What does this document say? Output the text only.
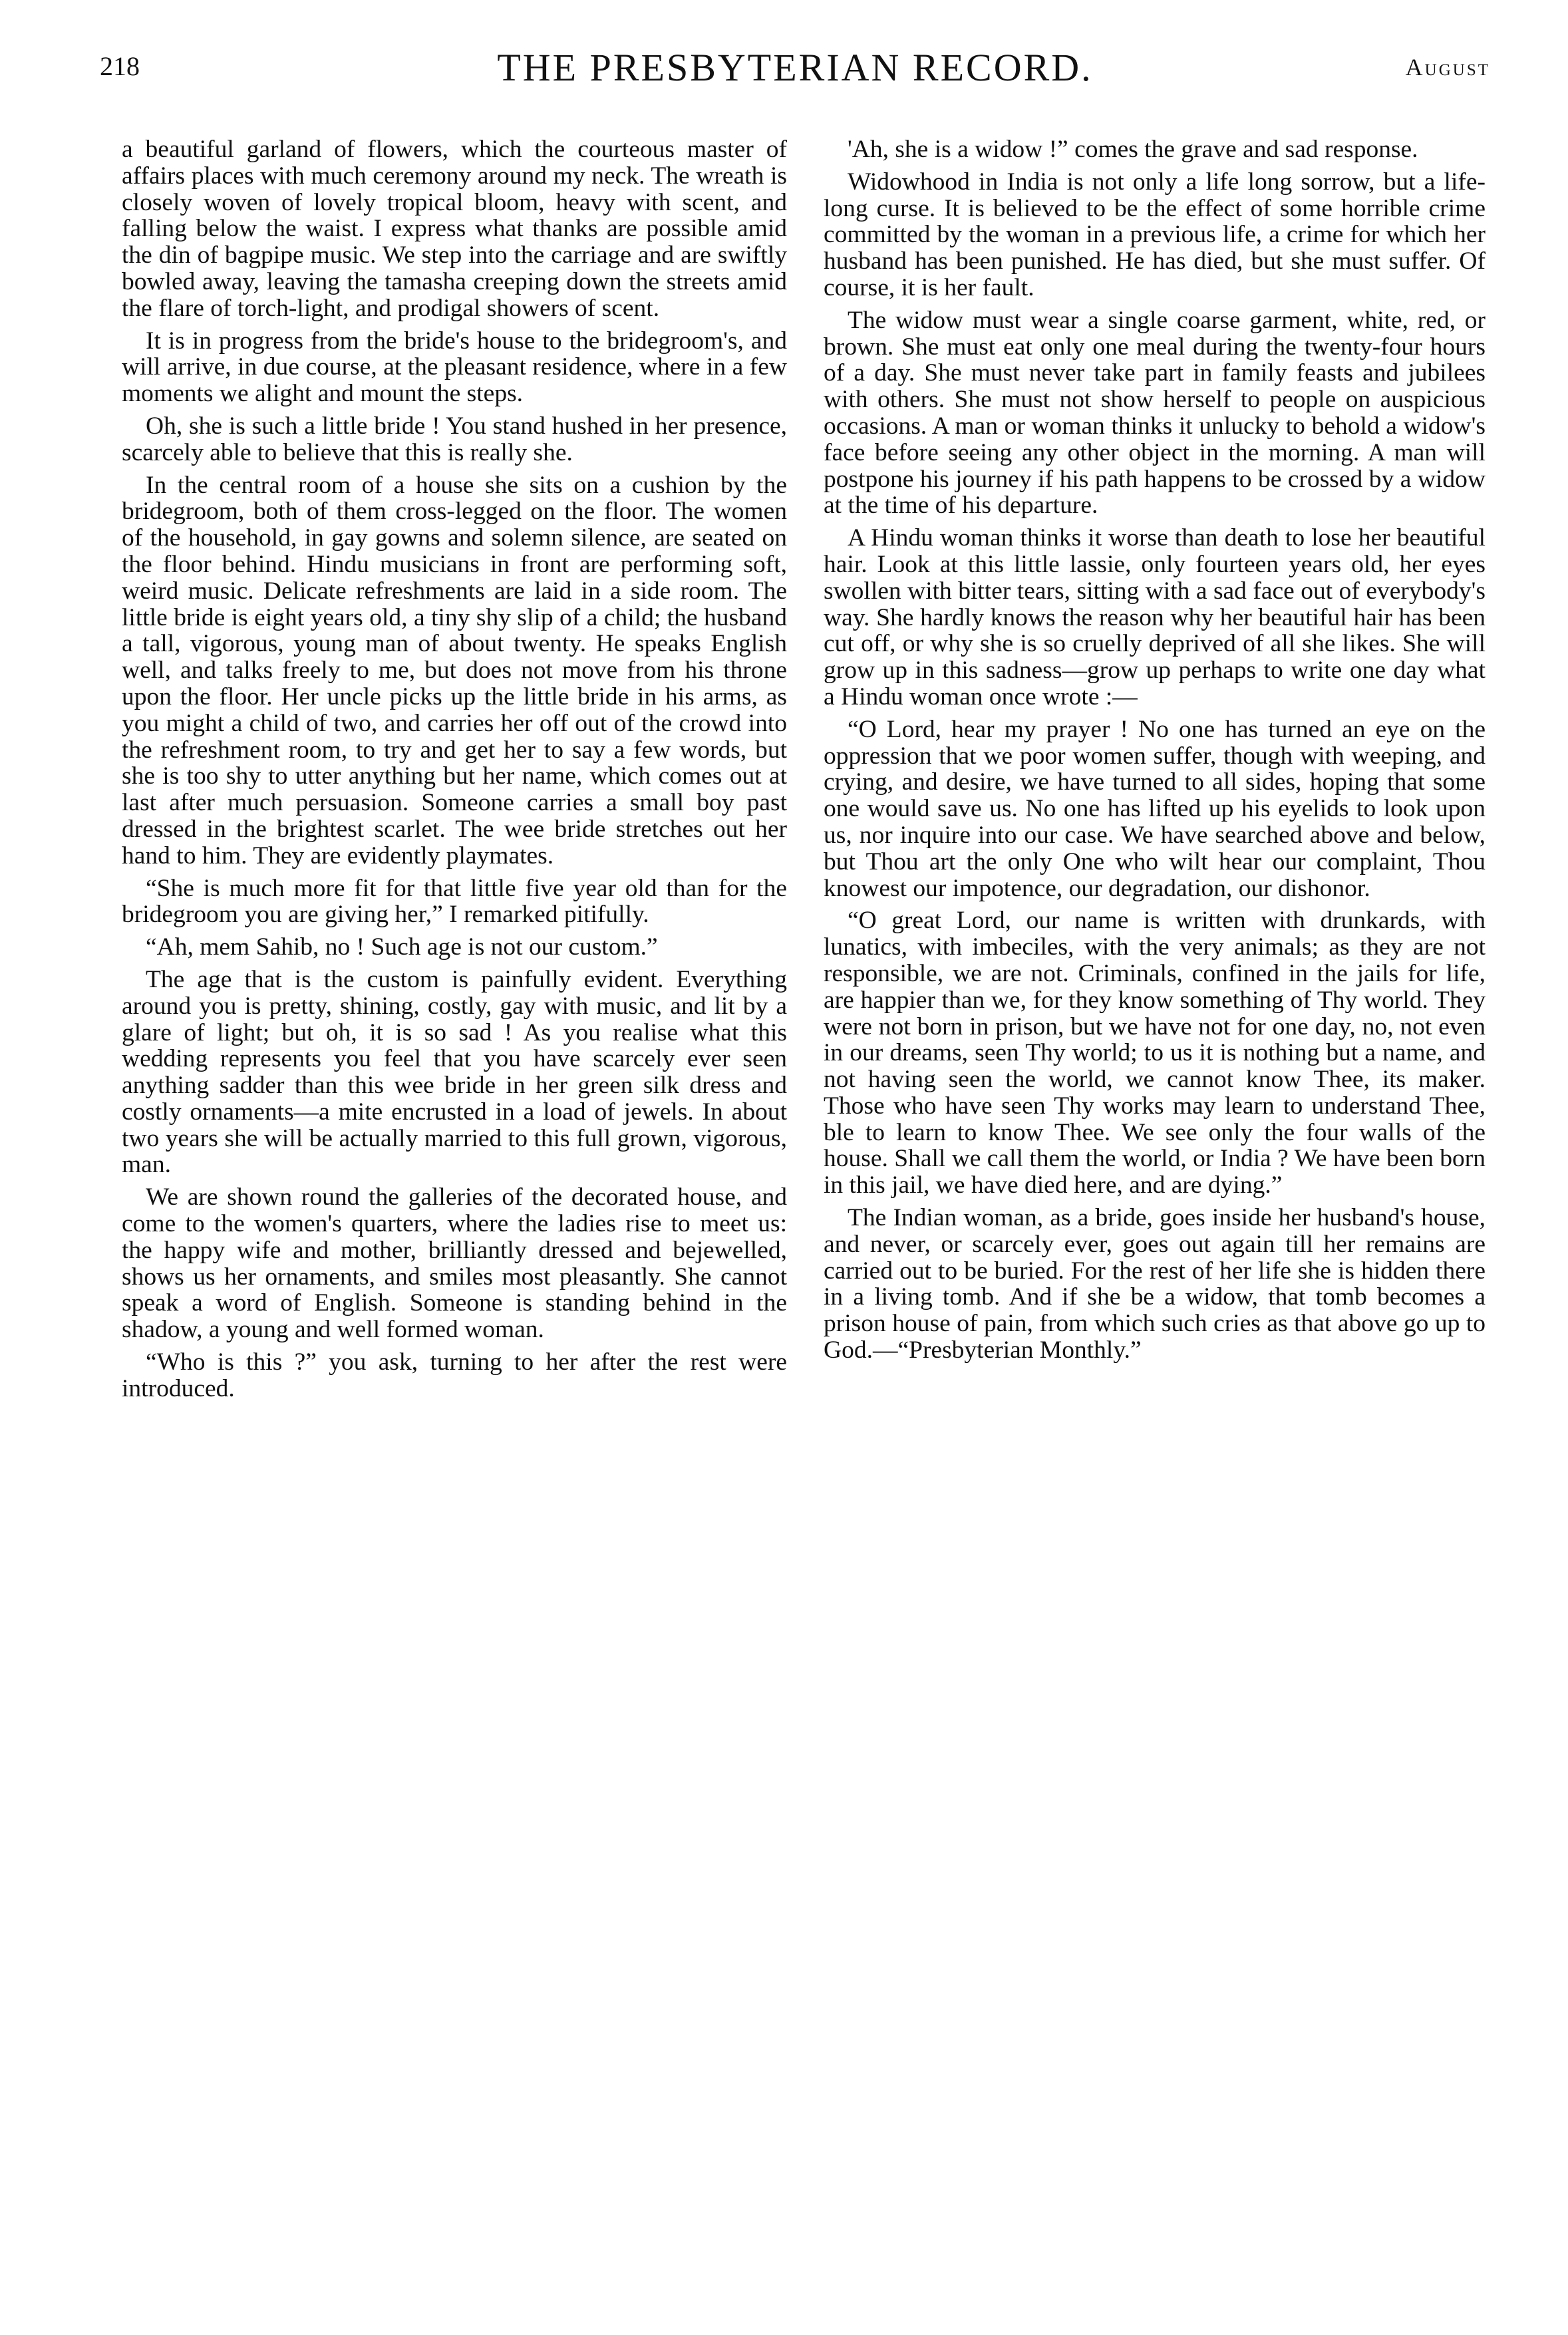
218	THE PRESBYTERIAN RECORD.	August

a beautiful garland of flowers, which the courteous master of affairs places with much ceremony around my neck. The wreath is closely woven of lovely tropical bloom, heavy with scent, and falling below the waist. I express what thanks are possible amid the din of bagpipe music. We step into the carriage and are swiftly bowled away, leaving the tamasha creeping down the streets amid the flare of torch-light, and prodigal showers of scent.

It is in progress from the bride's house to the bridegroom's, and will arrive, in due course, at the pleasant residence, where in a few moments we alight and mount the steps.

Oh, she is such a little bride ! You stand hushed in her presence, scarcely able to believe that this is really she.

In the central room of a house she sits on a cushion by the bridegroom, both of them cross-legged on the floor. The women of the household, in gay gowns and solemn silence, are seated on the floor behind. Hindu musicians in front are performing soft, weird music. Delicate refreshments are laid in a side room. The little bride is eight years old, a tiny shy slip of a child; the husband a tall, vigorous, young man of about twenty. He speaks English well, and talks freely to me, but does not move from his throne upon the floor. Her uncle picks up the little bride in his arms, as you might a child of two, and carries her off out of the crowd into the refreshment room, to try and get her to say a few words, but she is too shy to utter anything but her name, which comes out at last after much persuasion. Someone carries a small boy past dressed in the brightest scarlet. The wee bride stretches out her hand to him. They are evidently playmates.

“She is much more fit for that little five year old than for the bridegroom you are giving her,” I remarked pitifully.

“Ah, mem Sahib, no ! Such age is not our custom.”

The age that is the custom is painfully evident. Everything around you is pretty, shining, costly, gay with music, and lit by a glare of light; but oh, it is so sad ! As you realise what this wedding represents you feel that you have scarcely ever seen anything sadder than this wee bride in her green silk dress and costly ornaments—a mite encrusted in a load of jewels. In about two years she will be actually married to this full grown, vigorous, man.

We are shown round the galleries of the decorated house, and come to the women's quarters, where the ladies rise to meet us: the happy wife and mother, brilliantly dressed and bejewelled, shows us her ornaments, and smiles most pleasantly. She cannot speak a word of English. Someone is standing behind in the shadow, a young and well formed woman.

“Who is this ?” you ask, turning to her after the rest were introduced.

'Ah, she is a widow !” comes the grave and sad response.

Widowhood in India is not only a life long sorrow, but a life-long curse. It is believed to be the effect of some horrible crime committed by the woman in a previous life, a crime for which her husband has been punished. He has died, but she must suffer. Of course, it is her fault.

The widow must wear a single coarse garment, white, red, or brown. She must eat only one meal during the twenty-four hours of a day. She must never take part in family feasts and jubilees with others. She must not show herself to people on auspicious occasions. A man or woman thinks it unlucky to behold a widow's face before seeing any other object in the morning. A man will postpone his journey if his path happens to be crossed by a widow at the time of his departure.

A Hindu woman thinks it worse than death to lose her beautiful hair. Look at this little lassie, only fourteen years old, her eyes swollen with bitter tears, sitting with a sad face out of everybody's way. She hardly knows the reason why her beautiful hair has been cut off, or why she is so cruelly deprived of all she likes. She will grow up in this sadness—grow up perhaps to write one day what a Hindu woman once wrote :—

“O Lord, hear my prayer ! No one has turned an eye on the oppression that we poor women suffer, though with weeping, and crying, and desire, we have turned to all sides, hoping that some one would save us. No one has lifted up his eyelids to look upon us, nor inquire into our case. We have searched above and below, but Thou art the only One who wilt hear our complaint, Thou knowest our impotence, our degradation, our dishonor.

“O great Lord, our name is written with drunkards, with lunatics, with imbeciles, with the very animals; as they are not responsible, we are not. Criminals, confined in the jails for life, are happier than we, for they know something of Thy world. They were not born in prison, but we have not for one day, no, not even in our dreams, seen Thy world; to us it is nothing but a name, and not having seen the world, we cannot know Thee, its maker. Those who have seen Thy works may learn to understand Thee, ble to learn to know Thee. We see only the four walls of the house. Shall we call them the world, or India ? We have been born in this jail, we have died here, and are dying.”

The Indian woman, as a bride, goes inside her husband's house, and never, or scarcely ever, goes out again till her remains are carried out to be buried. For the rest of her life she is hidden there in a living tomb. And if she be a widow, that tomb becomes a prison house of pain, from which such cries as that above go up to God.—“Presbyterian Monthly.”
